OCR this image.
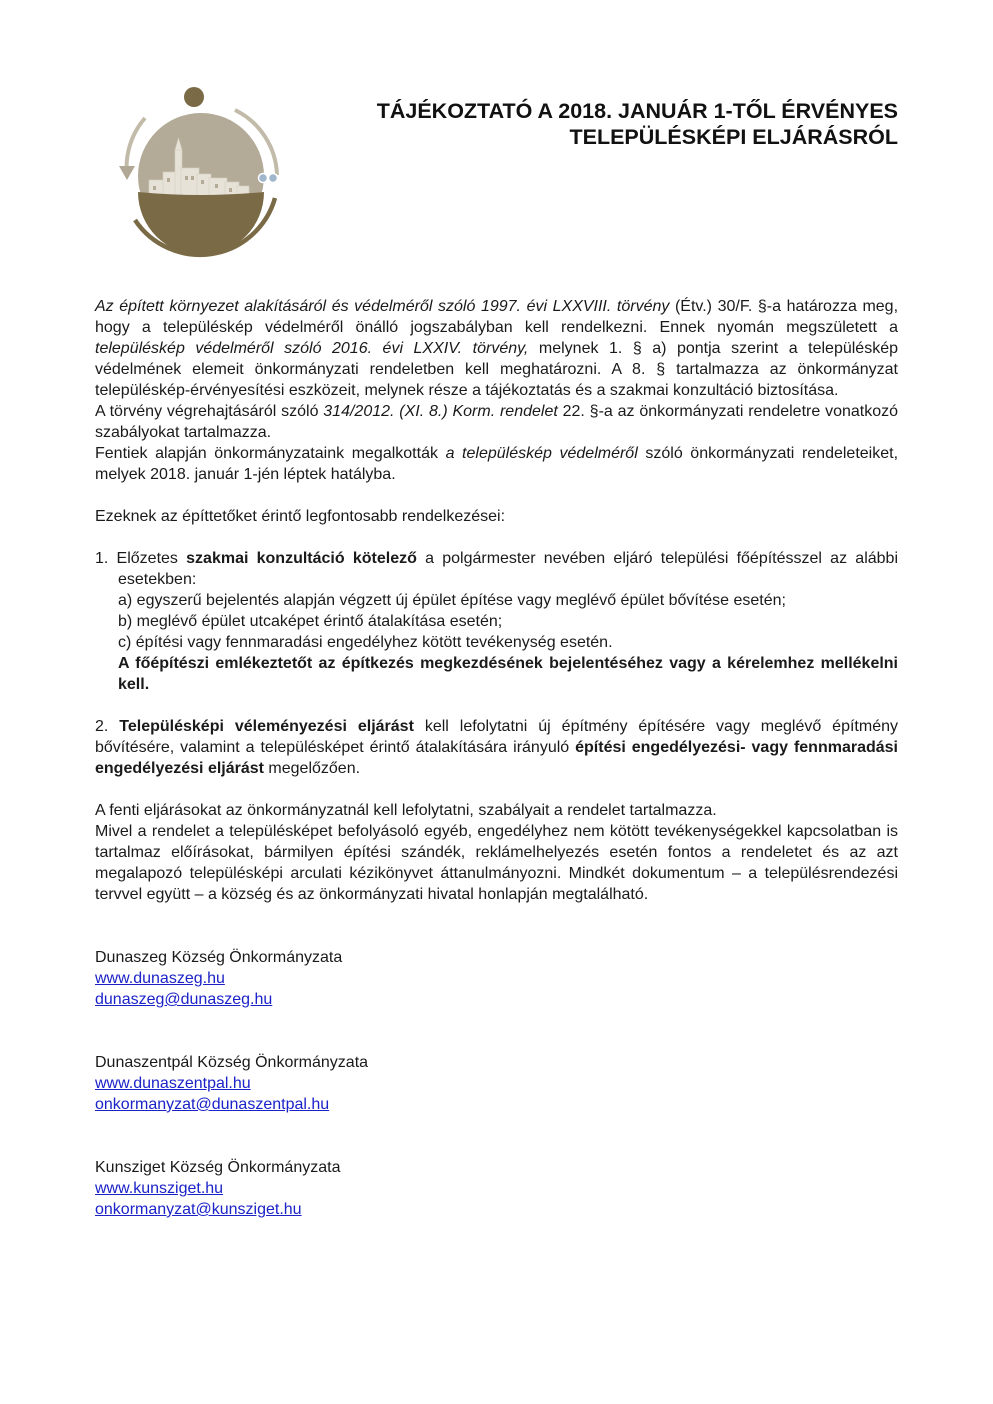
TÁJÉKOZTATÓ A 2018. JANUÁR 1-TŐL ÉRVÉNYES
TELEPÜLÉSKÉPI ELJÁRÁSRÓL

Az épített környezet alakításáról és védelméről szóló 1997. évi LXXVIII. törvény (Étv.) 30/F. §-a határozza meg, hogy a településkép védelméről önálló jogszabályban kell rendelkezni. Ennek nyomán megszületett a településkép védelméről szóló 2016. évi LXXIV. törvény, melynek 1. § a) pontja szerint a településkép védelmének elemeit önkormányzati rendeletben kell meghatározni. A 8. § tartalmazza az önkormányzat településkép-érvényesítési eszközeit, melynek része a tájékoztatás és a szakmai konzultáció biztosítása.

A törvény végrehajtásáról szóló 314/2012. (XI. 8.) Korm. rendelet 22. §-a az önkormányzati rendeletre vonatkozó szabályokat tartalmazza.

Fentiek alapján önkormányzataink megalkották a településkép védelméről szóló önkormányzati rendeleteiket, melyek 2018. január 1-jén léptek hatályba.

Ezeknek az építtetőket érintő legfontosabb rendelkezései:

1. Előzetes szakmai konzultáció kötelező a polgármester nevében eljáró települési főépítésszel az alábbi esetekben:

a) egyszerű bejelentés alapján végzett új épület építése vagy meglévő épület bővítése esetén;

b) meglévő épület utcaképet érintő átalakítása esetén;

c) építési vagy fennmaradási engedélyhez kötött tevékenység esetén.

A főépítészi emlékeztetőt az építkezés megkezdésének bejelentéséhez vagy a kérelemhez mellékelni kell.

2. Településképi véleményezési eljárást kell lefolytatni új építmény építésére vagy meglévő építmény bővítésére, valamint a településképet érintő átalakítására irányuló építési engedélyezési- vagy fennmaradási engedélyezési eljárást megelőzően.

A fenti eljárásokat az önkormányzatnál kell lefolytatni, szabályait a rendelet tartalmazza.

Mivel a rendelet a településképet befolyásoló egyéb, engedélyhez nem kötött tevékenységekkel kapcsolatban is tartalmaz előírásokat, bármilyen építési szándék, reklámelhelyezés esetén fontos a rendeletet és az azt megalapozó településképi arculati kézikönyvet áttanulmányozni. Mindkét dokumentum – a településrendezési tervvel együtt – a község és az önkormányzati hivatal honlapján megtalálható.

Dunaszeg Község Önkormányzata

www.dunaszeg.hu

dunaszeg@dunaszeg.hu

Dunaszentpál Község Önkormányzata

www.dunaszentpal.hu

onkormanyzat@dunaszentpal.hu

Kunsziget Község Önkormányzata

www.kunsziget.hu

onkormanyzat@kunsziget.hu
